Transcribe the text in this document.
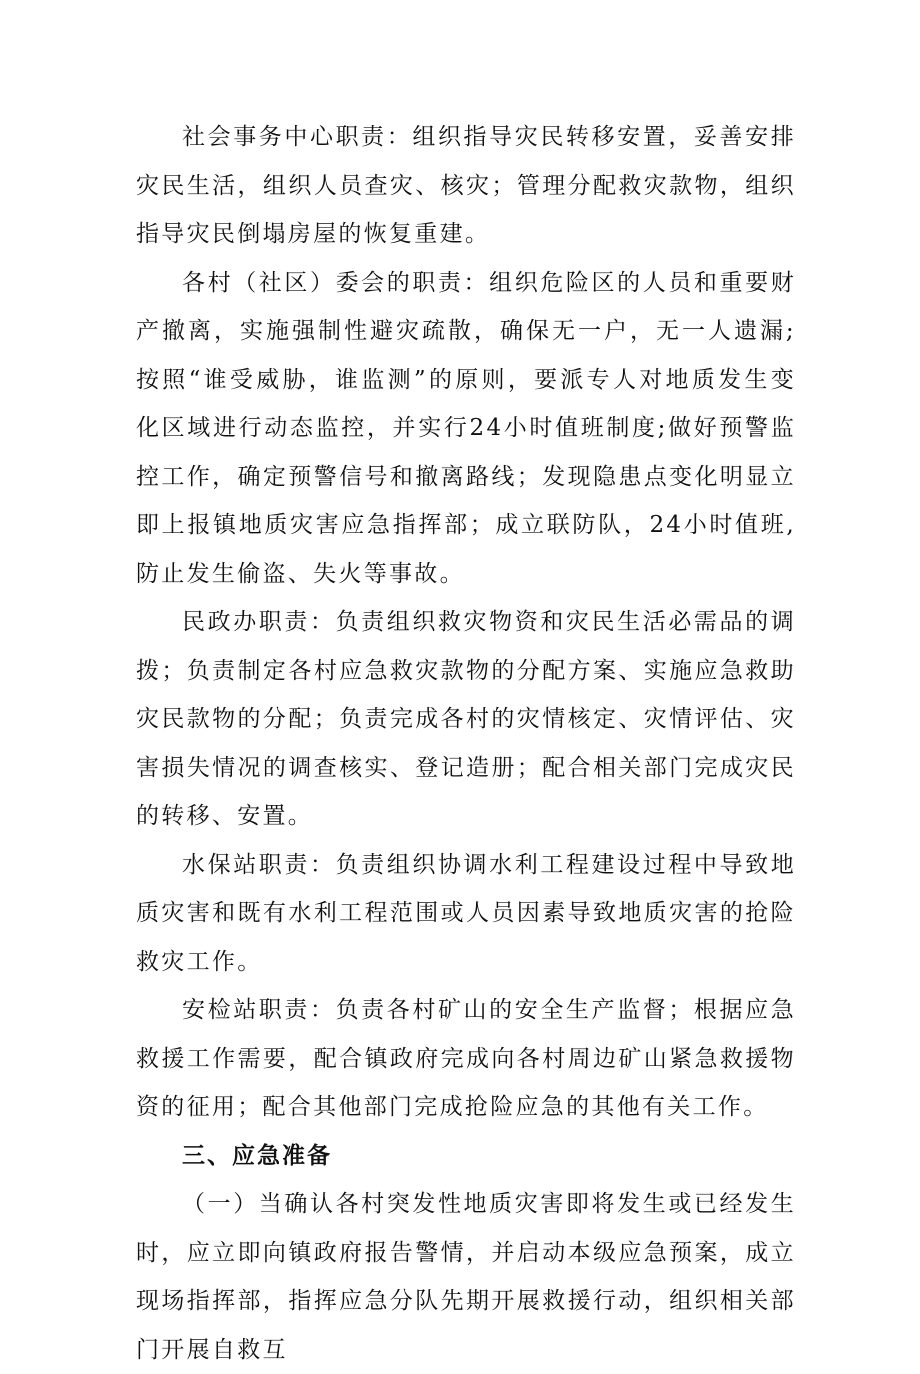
社会事务中心职责：组织指导灾民转移安置，妥善安排灾民生活，组织人员查灾、核灾；管理分配救灾款物，组织指导灾民倒塌房屋的恢复重建。

各村（社区）委会的职责：组织危险区的人员和重要财产撤离，实施强制性避灾疏散，确保无一户，无一人遗漏;按照“谁受威胁，谁监测”的原则，要派专人对地质发生变化区域进行动态监控，并实行24小时值班制度;做好预警监控工作，确定预警信号和撤离路线；发现隐患点变化明显立即上报镇地质灾害应急指挥部；成立联防队，24小时值班,防止发生偷盗、失火等事故。

民政办职责：负责组织救灾物资和灾民生活必需品的调拨；负责制定各村应急救灾款物的分配方案、实施应急救助灾民款物的分配；负责完成各村的灾情核定、灾情评估、灾害损失情况的调查核实、登记造册；配合相关部门完成灾民的转移、安置。

水保站职责：负责组织协调水利工程建设过程中导致地质灾害和既有水利工程范围或人员因素导致地质灾害的抢险救灾工作。

安检站职责：负责各村矿山的安全生产监督；根据应急救援工作需要，配合镇政府完成向各村周边矿山紧急救援物资的征用；配合其他部门完成抢险应急的其他有关工作。

三、应急准备

（一）当确认各村突发性地质灾害即将发生或已经发生时，应立即向镇政府报告警情，并启动本级应急预案，成立现场指挥部，指挥应急分队先期开展救援行动，组织相关部门开展自救互
